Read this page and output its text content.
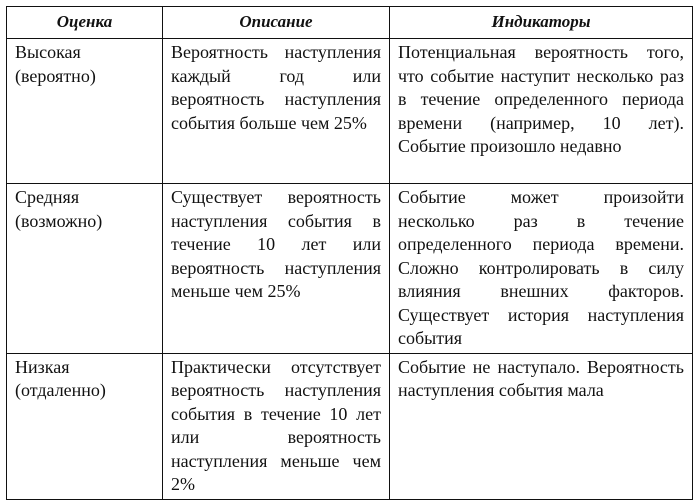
Оценка	Описание	Индикаторы
Высокая (вероятно)	Вероятность наступления каждый год или вероятность наступления события больше чем 25%	Потенциальная вероятность того, что событие наступит несколько раз в течение определенного периода времени (например, 10 лет). Событие произошло недавно
Средняя (возможно)	Существует вероятность наступления события в течение 10 лет или вероятность наступления меньше чем 25%	Событие может произойти несколько раз в течение определенного периода времени. Сложно контролировать в силу влияния внешних факторов. Существует история наступления события
Низкая (отдаленно)	Практически отсутствует вероятность наступления события в течение 10 лет или вероятность наступления меньше чем 2%	Событие не наступало. Вероятность наступления события мала
